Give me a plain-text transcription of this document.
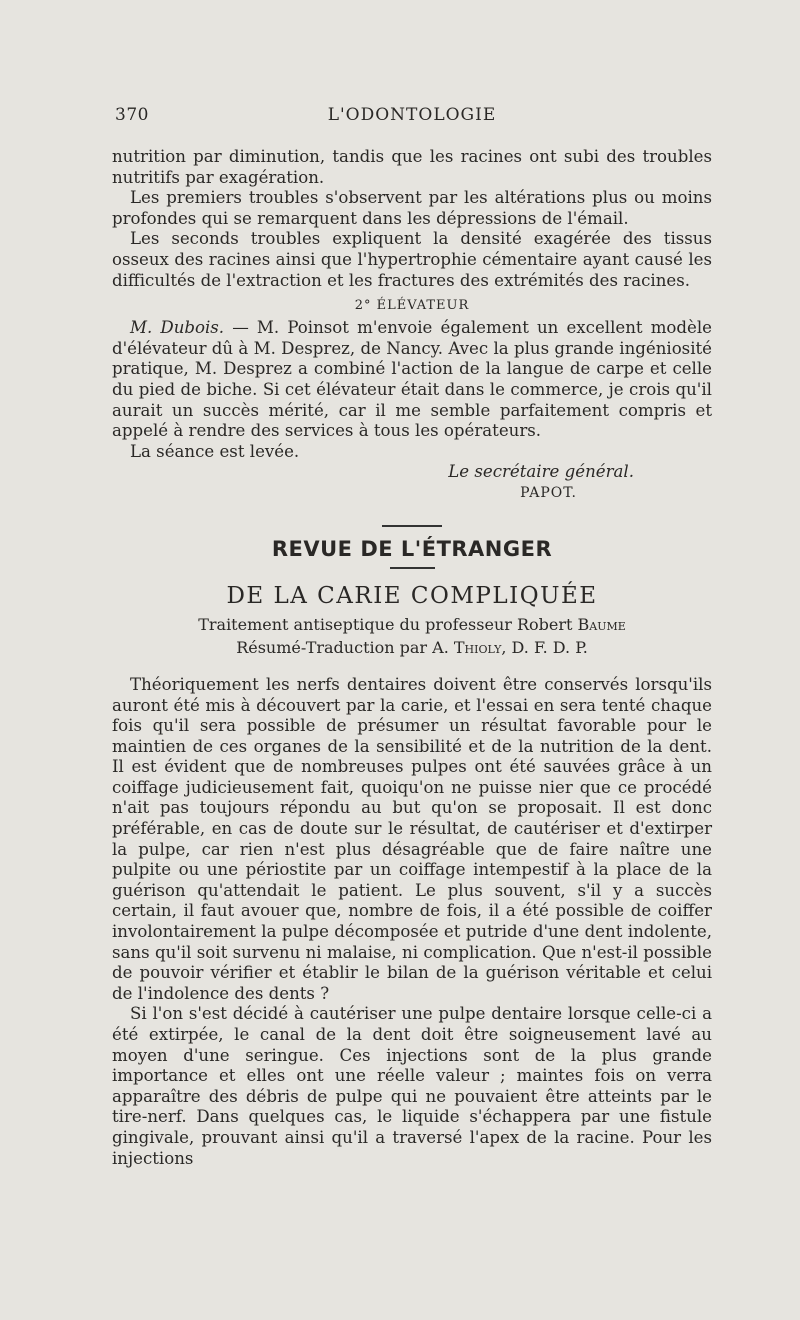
370	L'ODONTOLOGIE

nutrition par diminution, tandis que les racines ont subi des troubles nutritifs par exagération.

Les premiers troubles s'observent par les altérations plus ou moins profondes qui se remarquent dans les dépressions de l'émail.

Les seconds troubles expliquent la densité exagérée des tissus osseux des racines ainsi que l'hypertrophie cémentaire ayant causé les difficultés de l'extraction et les fractures des extrémités des racines.

2° ÉLÉVATEUR

M. Dubois. — M. Poinsot m'envoie également un excellent modèle d'élévateur dû à M. Desprez, de Nancy. Avec la plus grande ingéniosité pratique, M. Desprez a combiné l'action de la langue de carpe et celle du pied de biche. Si cet élévateur était dans le commerce, je crois qu'il aurait un succès mérité, car il me semble parfaitement compris et appelé à rendre des services à tous les opérateurs.

La séance est levée.

Le secrétaire général.
PAPOT.
REVUE DE L'ÉTRANGER
DE LA CARIE COMPLIQUÉE
Traitement antiseptique du professeur Robert Baume
Résumé-Traduction par A. Thioly, D. F. D. P.

Théoriquement les nerfs dentaires doivent être conservés lorsqu'ils auront été mis à découvert par la carie, et l'essai en sera tenté chaque fois qu'il sera possible de présumer un résultat favorable pour le maintien de ces organes de la sensibilité et de la nutrition de la dent. Il est évident que de nombreuses pulpes ont été sauvées grâce à un coiffage judicieusement fait, quoiqu'on ne puisse nier que ce procédé n'ait pas toujours répondu au but qu'on se proposait. Il est donc préférable, en cas de doute sur le résultat, de cautériser et d'extirper la pulpe, car rien n'est plus désagréable que de faire naître une pulpite ou une périostite par un coiffage intempestif à la place de la guérison qu'attendait le patient. Le plus souvent, s'il y a succès certain, il faut avouer que, nombre de fois, il a été possible de coiffer involontairement la pulpe décomposée et putride d'une dent indolente, sans qu'il soit survenu ni malaise, ni complication. Que n'est-il possible de pouvoir vérifier et établir le bilan de la guérison véritable et celui de l'indolence des dents ?

Si l'on s'est décidé à cautériser une pulpe dentaire lorsque celle-ci a été extirpée, le canal de la dent doit être soigneusement lavé au moyen d'une seringue. Ces injections sont de la plus grande importance et elles ont une réelle valeur ; maintes fois on verra apparaître des débris de pulpe qui ne pouvaient être atteints par le tire-nerf. Dans quelques cas, le liquide s'échappera par une fistule gingivale, prouvant ainsi qu'il a traversé l'apex de la racine. Pour les injections
